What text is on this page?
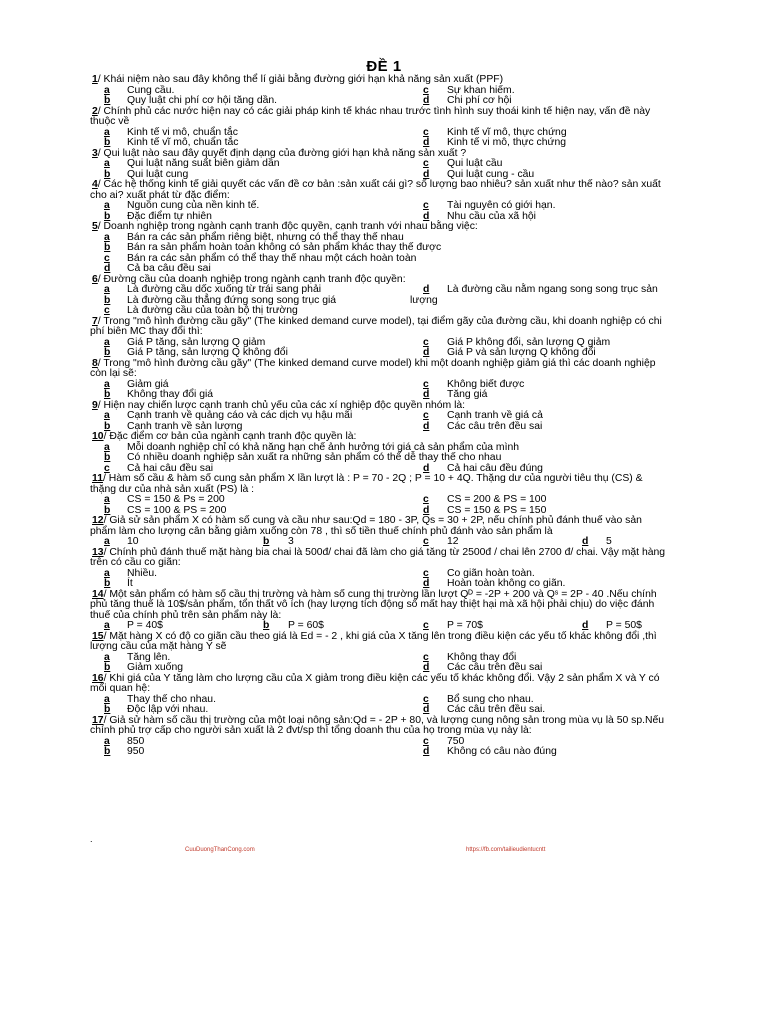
ĐỀ 1
1/ Khái niệm nào sau đây không thể lí giải bằng đường giới hạn khả năng sản xuất (PPF)
a Cung cầu.	c Sự khan hiếm.
b Quy luật chi phí cơ hội tăng dần.	d Chi phí cơ hội
2/ Chính phủ các nước hiện nay có các giải pháp kinh tế khác nhau trước tình hình suy thoái kinh tế hiện nay, vấn đề này
thuộc về
a Kinh tế vi mô, chuẩn tắc	c Kinh tế vĩ mô, thực chứng
b Kinh tế vĩ mô, chuẩn tắc	d Kinh tế vi mô, thực chứng
3/ Qui luật nào sau đây quyết định dạng của đường giới hạn khả năng sản xuất ?
a Qui luật năng suất biên giảm dần	c Qui luật cầu
b Qui luật cung	d Qui luật cung - cầu
4/ Các hệ thống kinh tế giải quyết các vấn đề cơ bản :sản xuất cái gì? số lượng bao nhiêu? sản xuất như thế nào? sản xuất
cho ai? xuất phát từ đặc điểm:
a Nguồn cung của nền kinh tế.	c Tài nguyên có giới hạn.
b Đặc điểm tự nhiên	d Nhu cầu của xã hội
5/ Doanh nghiệp trong ngành cạnh tranh độc quyền, cạnh tranh với nhau bằng việc:
a Bán ra các sản phẩm riêng biệt, nhưng có thể thay thế nhau
b Bán ra sản phẩm hoàn toàn không có sản phẩm khác thay thế được
c Bán ra các sản phẩm có thể thay thế nhau một cách hoàn toàn
d Cả ba câu đều sai
6/ Đường cầu của doanh nghiệp trong ngành cạnh tranh độc quyền:
a Là đường cầu dốc xuống từ trái sang phải	d Là đường cầu nằm ngang song song trục sản
b Là đường cầu thẳng đứng song song trục giá	lượng
c Là đường cầu của toàn bộ thị trường
7/ Trong "mô hình đường cầu gãy" (The kinked demand curve model), tại điểm gãy của đường cầu, khi doanh nghiệp có chi
phí biên MC thay đổi thì:
a Giá P tăng, sản lượng Q giảm	c Giá P không đổi, sản lượng Q giảm
b Giá P tăng, sản lượng Q không đổi	d Giá P và sản lượng Q không đổi
8/ Trong "mô hình đường cầu gãy" (The kinked demand curve model) khi một doanh nghiệp giảm giá thì các doanh nghiệp
còn lại sẽ:
a Giảm giá	c Không biết được
b Không thay đổi giá	d Tăng giá
9/ Hiện nay chiến lược cạnh tranh chủ yếu của các xí nghiệp độc quyền nhóm là:
a Cạnh tranh về quảng cáo và các dịch vụ hậu mãi	c Cạnh tranh về giá cả
b Cạnh tranh về sản lượng	d Các câu trên đều sai
10/ Đặc điểm cơ bản của ngành cạnh tranh độc quyền là:
a Mỗi doanh nghiệp chỉ có khả năng hạn chế ảnh hưởng tới giá cả sản phẩm của mình
b Có nhiều doanh nghiệp sản xuất ra những sản phẩm có thể dễ thay thế cho nhau
c Cả hai câu đều sai	d Cả hai câu đều đúng
11/ Hàm số cầu & hàm số cung sản phẩm X lần lượt là : P = 70 - 2Q ; P = 10 + 4Q. Thặng dư của người tiêu thụ (CS) &
thặng dư của nhà sản xuất (PS) là :
a CS = 150 & Ps = 200	c CS = 200 & PS = 100
b CS = 100 & PS = 200	d CS = 150 & PS = 150
12/ Giả sử sản phẩm X có hàm số cung và cầu như sau:Qd = 180 - 3P, Qs = 30 + 2P, nếu chính phủ đánh thuế vào sản
phẩm làm cho lượng cân bằng giảm xuống còn 78 , thì số tiền thuế chính phủ đánh vào sản phẩm là
a 10	b 3	c 12	d 5
13/ Chính phủ đánh thuế mặt hàng bia chai là 500đ/ chai đã làm cho giá tăng từ 2500đ / chai lên 2700 đ/ chai. Vậy mặt hàng
trên có cầu co giãn:
a Nhiều.	c Co giãn hoàn toàn.
b Ít	d Hoàn toàn không co giãn.
14/ Một sản phẩm có hàm số cầu thị trường và hàm số cung thị trường lần lượt Qᴰ = -2P + 200 và Qˢ = 2P - 40 .Nếu chính
phủ tăng thuế là 10$/sản phẩm, tổn thất vô ích (hay lượng tích động số mất hay thiệt hại mà xã hội phải chịu) do việc đánh
thuế của chính phủ trên sản phẩm này là:
a P = 40$	b P = 60$	c P = 70$	d P = 50$
15/ Mặt hàng X có độ co giãn cầu theo giá là Ed = - 2 , khi giá của X tăng lên trong điều kiện các yếu tố khác không đổi ,thì
lượng cầu của mặt hàng Y sẽ
a Tăng lên.	c Không thay đổi
b Giảm xuống	d Các câu trên đều sai
16/ Khi giá của Y tăng làm cho lượng cầu của X giảm trong điều kiện các yếu tố khác không đổi. Vậy 2 sản phẩm X và Y có
mối quan hệ:
a Thay thế cho nhau.	c Bổ sung cho nhau.
b Độc lập với nhau.	d Các câu trên đều sai.
17/ Giả sử hàm số cầu thị trường của một loại nông sản:Qd = - 2P + 80, và lượng cung nông sản trong mùa vụ là 50 sp.Nếu
chính phủ trợ cấp cho người sản xuất là 2 đvt/sp thì tổng doanh thu của họ trong mùa vụ này là:
a 850	c 750
b 950	d Không có câu nào đúng
.
CuuDuongThanCong.com	https://fb.com/tailieudientucntt
